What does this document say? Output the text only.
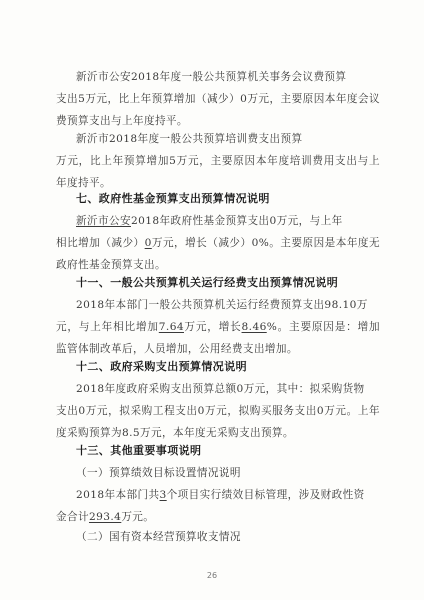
新沂市公安2018年度一般公共预算机关事务会议费预算
支出5万元，比上年预算增加（减少）0万元，主要原因本年度会议费预算支出与上年度持平。

新沂市2018年度一般公共预算培训费支出预算
万元，比上年预算增加5万元，主要原因本年度培训费用支出与上年度持平。

七、政府性基金预算支出预算情况说明

新沂市公安2018年政府性基金预算支出0万元，与上年
相比增加（减少）0万元，增长（减少）0%。主要原因是本年度无政府性基金预算支出。

十一、一般公共预算机关运行经费支出预算情况说明

2018年本部门一般公共预算机关运行经费预算支出98.10万
元，与上年相比增加7.64万元，增长8.46%。主要原因是：增加监管体制改革后，人员增加，公用经费支出增加。

十二、政府采购支出预算情况说明

2018年度政府采购支出预算总额0万元，其中：拟采购货物
支出0万元，拟采购工程支出0万元，拟购买服务支出0万元。上年度采购预算为8.5万元，本年度无采购支出预算。

十三、其他重要事项说明

（一）预算绩效目标设置情况说明

2018年本部门共3个项目实行绩效目标管理，涉及财政性资
金合计293.4万元。

（二）国有资本经营预算收支情况

26
